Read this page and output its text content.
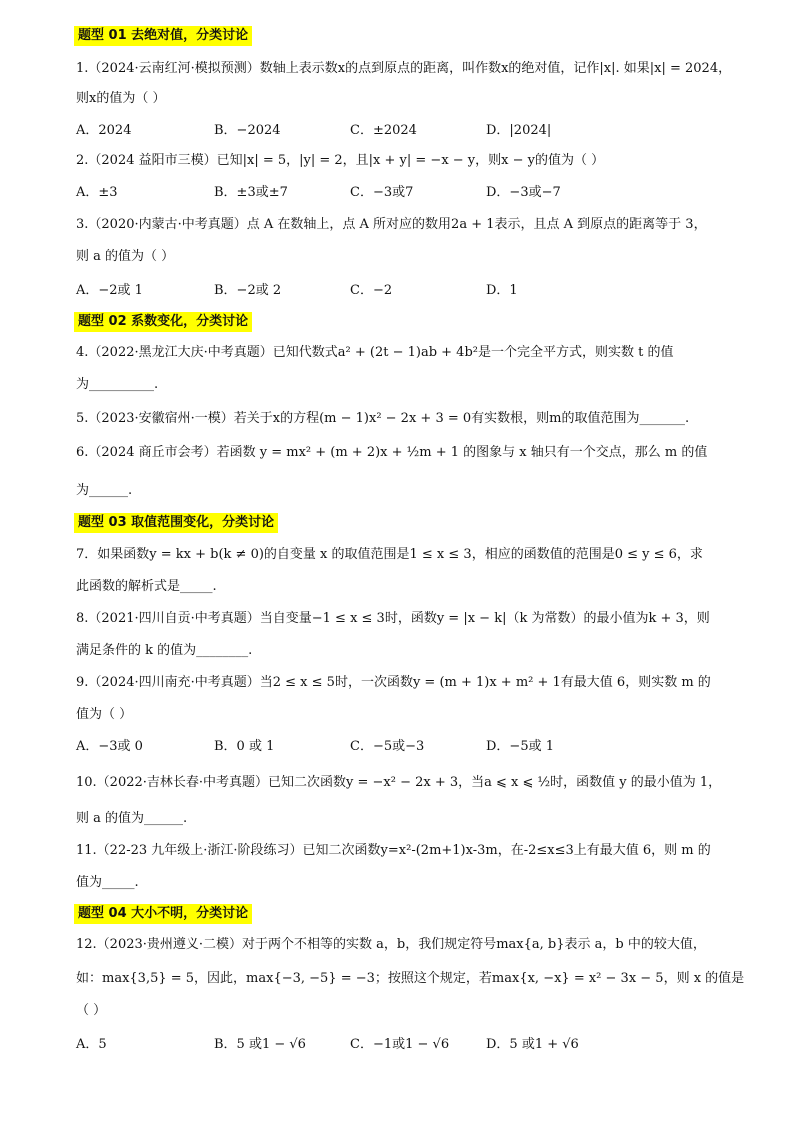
题型 01 去绝对值，分类讨论
1.（2024·云南红河·模拟预测）数轴上表示数x的点到原点的距离，叫作数x的绝对值，记作|x|. 如果|x| = 2024，
则x的值为（ ）
A．2024	B．−2024	C．±2024	D．|2024|
2.（2024 益阳市三模）已知|x| = 5，|y| = 2，且|x + y| = −x − y，则x − y的值为（ ）
A．±3	B．±3或±7	C．−3或7	D．−3或−7
3.（2020·内蒙古·中考真题）点 A 在数轴上，点 A 所对应的数用2a + 1表示，且点 A 到原点的距离等于 3，
则 a 的值为（ ）
A．−2或 1	B．−2或 2	C．−2	D．1
题型 02 系数变化，分类讨论
4.（2022·黑龙江大庆·中考真题）已知代数式a² + (2t − 1)ab + 4b²是一个完全平方式，则实数 t 的值
为__________.
5.（2023·安徽宿州·一模）若关于x的方程(m − 1)x² − 2x + 3 = 0有实数根，则m的取值范围为_______.
6.（2024 商丘市会考）若函数 y = mx² + (m + 2)x + ½m + 1 的图象与 x 轴只有一个交点，那么 m 的值
为______.
题型 03 取值范围变化，分类讨论
7．如果函数y = kx + b(k ≠ 0)的自变量 x 的取值范围是1 ≤ x ≤ 3，相应的函数值的范围是0 ≤ y ≤ 6，求
此函数的解析式是_____.
8.（2021·四川自贡·中考真题）当自变量−1 ≤ x ≤ 3时，函数y = |x − k|（k 为常数）的最小值为k + 3，则
满足条件的 k 的值为________.
9.（2024·四川南充·中考真题）当2 ≤ x ≤ 5时，一次函数y = (m + 1)x + m² + 1有最大值 6，则实数 m 的
值为（ ）
A．−3或 0	B．0 或 1	C．−5或−3	D．−5或 1
10.（2022·吉林长春·中考真题）已知二次函数y = −x² − 2x + 3，当a ⩽ x ⩽ ½时，函数值 y 的最小值为 1，
则 a 的值为______.
11.（22-23 九年级上·浙江·阶段练习）已知二次函数y=x²-(2m+1)x-3m，在-2≤x≤3上有最大值 6，则 m 的
值为_____.
题型 04 大小不明，分类讨论
12.（2023·贵州遵义·二模）对于两个不相等的实数 a，b，我们规定符号max{a, b}表示 a，b 中的较大值，
如：max{3,5} = 5，因此，max{−3, −5} = −3；按照这个规定，若max{x, −x} = x² − 3x − 5，则 x 的值是
（ ）
A．5	B．5 或1 − √6	C．−1或1 − √6	D．5 或1 + √6
